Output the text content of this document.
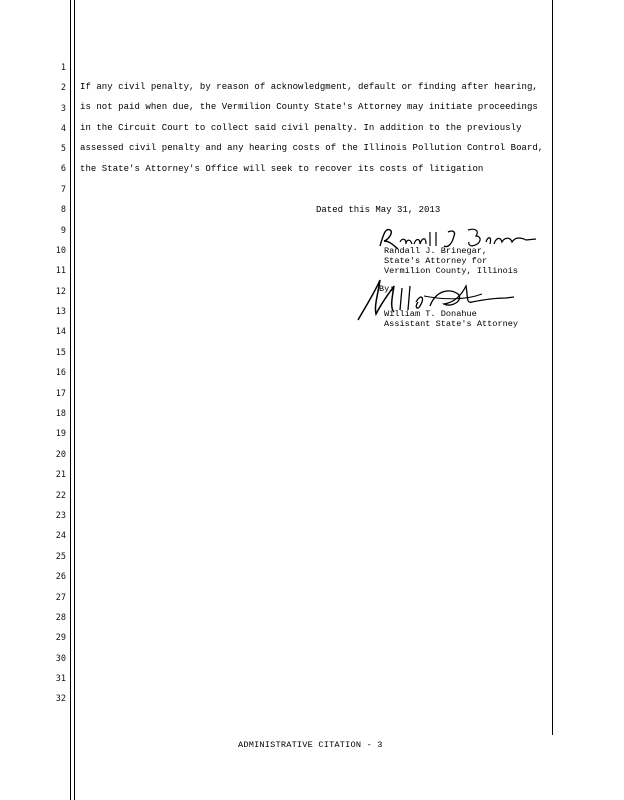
1
2
3
4
5
6
7
8
9
10
11
12
13
14
15
16
17
18
19
20
21
22
23
24
25
26
27
28
29
30
31
32
If any civil penalty, by reason of acknowledgment, default or finding after hearing,
is not paid when due, the Vermilion County State's Attorney may initiate proceedings
in the Circuit Court to collect said civil penalty. In addition to the previously
assessed civil penalty and any hearing costs of the Illinois Pollution Control Board,
the State's Attorney's Office will seek to recover its costs of litigation
Dated this May 31, 2013
Randall J. Brinegar,
State's Attorney for
Vermilion County, Illinois
By:
William T. Donahue
Assistant State's Attorney
ADMINISTRATIVE CITATION - 3
